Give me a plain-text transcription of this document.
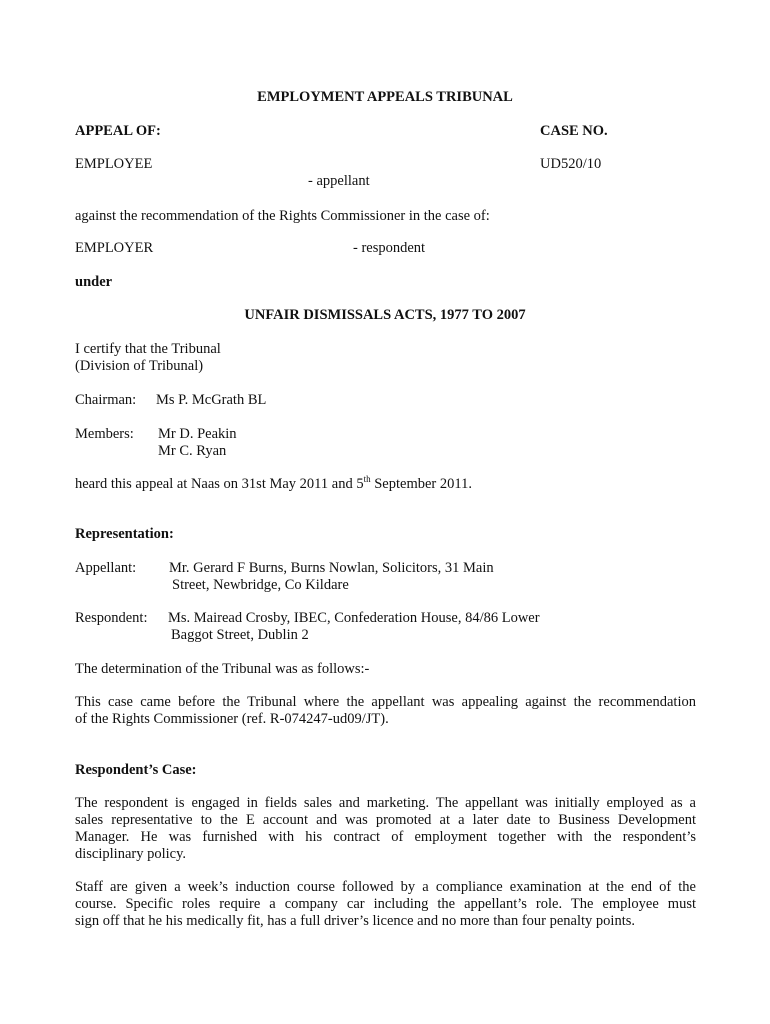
EMPLOYMENT APPEALS TRIBUNAL
APPEAL OF:	CASE NO.
EMPLOYEE	UD520/10
- appellant
against the recommendation of the Rights Commissioner in the case of:
EMPLOYER	- respondent
under
UNFAIR DISMISSALS ACTS, 1977 TO 2007
I certify that the Tribunal
(Division of Tribunal)
Chairman: Ms P. McGrath BL
Members: Mr D. Peakin
Mr C. Ryan
heard this appeal at Naas on 31st May 2011 and 5th September 2011.
Representation:
Appellant: Mr. Gerard F Burns, Burns Nowlan, Solicitors, 31 Main
Street, Newbridge, Co Kildare
Respondent: Ms. Mairead Crosby, IBEC, Confederation House, 84/86 Lower
Baggot Street, Dublin 2
The determination of the Tribunal was as follows:-
This case came before the Tribunal where the appellant was appealing against the recommendation
of the Rights Commissioner (ref. R-074247-ud09/JT).
Respondent’s Case:
The respondent is engaged in fields sales and marketing. The appellant was initially employed as a
sales representative to the E account and was promoted at a later date to Business Development
Manager. He was furnished with his contract of employment together with the respondent’s
disciplinary policy.
Staff are given a week’s induction course followed by a compliance examination at the end of the
course. Specific roles require a company car including the appellant’s role. The employee must
sign off that he his medically fit, has a full driver’s licence and no more than four penalty points.
